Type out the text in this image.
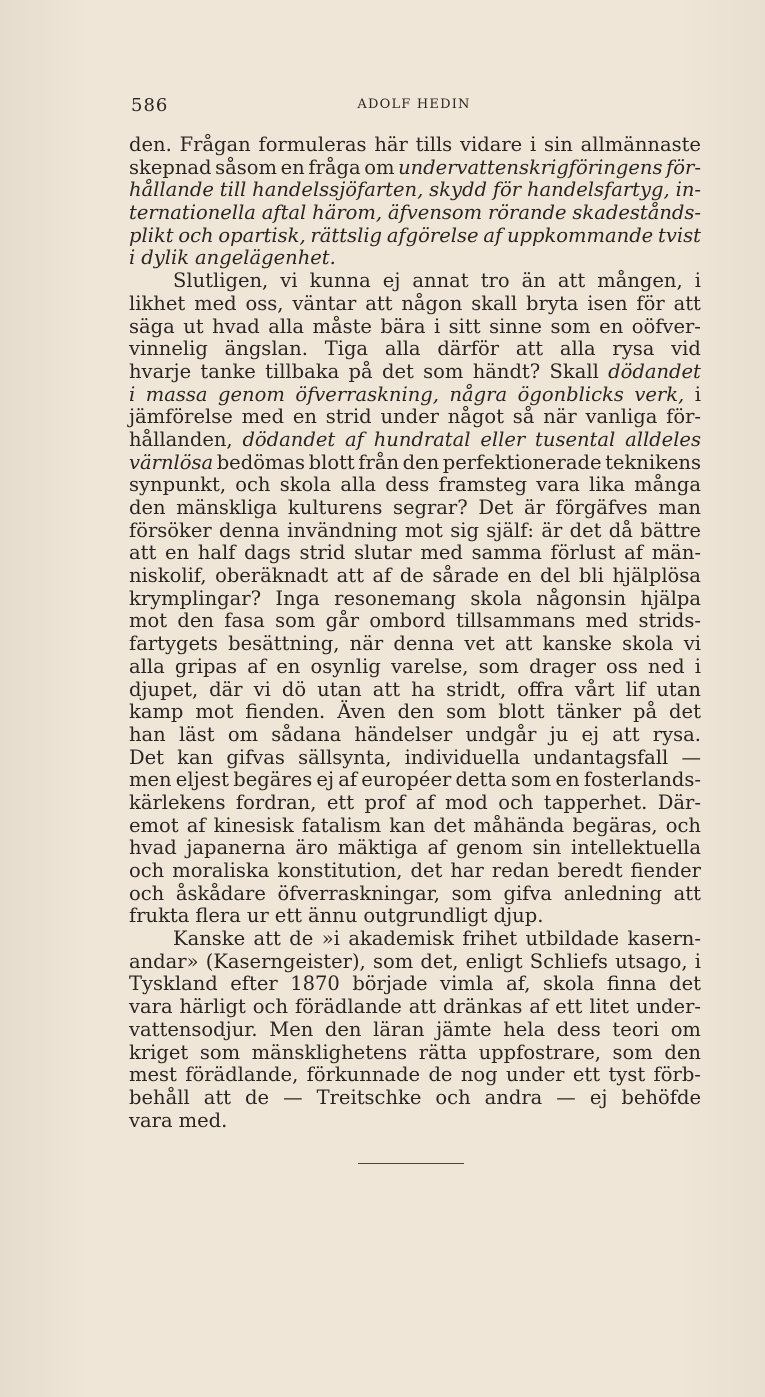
586	ADOLF HEDIN
den. Frågan formuleras här tills vidare i sin allmännaste
skepnad såsom en fråga om undervattenskrigföringens för-
hållande till handelssjöfarten, skydd för handelsfartyg, in-
ternationella aftal härom, äfvensom rörande skadestånds-
plikt och opartisk, rättslig afgörelse af uppkommande tvist
i dylik angelägenhet.
Slutligen, vi kunna ej annat tro än att mången, i
likhet med oss, väntar att någon skall bryta isen för att
säga ut hvad alla måste bära i sitt sinne som en oöfver-
vinnelig ängslan. Tiga alla därför att alla rysa vid
hvarje tanke tillbaka på det som händt? Skall dödandet
i massa genom öfverraskning, några ögonblicks verk, i
jämförelse med en strid under något så när vanliga för-
hållanden, dödandet af hundratal eller tusental alldeles
värnlösa bedömas blott från den perfektionerade teknikens
synpunkt, och skola alla dess framsteg vara lika många
den mänskliga kulturens segrar? Det är förgäfves man
försöker denna invändning mot sig själf: är det då bättre
att en half dags strid slutar med samma förlust af män-
niskolif, oberäknadt att af de sårade en del bli hjälplösa
krymplingar? Inga resonemang skola någonsin hjälpa
mot den fasa som går ombord tillsammans med strids-
fartygets besättning, när denna vet att kanske skola vi
alla gripas af en osynlig varelse, som drager oss ned i
djupet, där vi dö utan att ha stridt, offra vårt lif utan
kamp mot fienden. Även den som blott tänker på det
han läst om sådana händelser undgår ju ej att rysa.
Det kan gifvas sällsynta, individuella undantagsfall —
men eljest begäres ej af européer detta som en fosterlands-
kärlekens fordran, ett prof af mod och tapperhet. Där-
emot af kinesisk fatalism kan det måhända begäras, och
hvad japanerna äro mäktiga af genom sin intellektuella
och moraliska konstitution, det har redan beredt fiender
och åskådare öfverraskningar, som gifva anledning att
frukta flera ur ett ännu outgrundligt djup.
Kanske att de »i akademisk frihet utbildade kasern-
andar» (Kaserngeister), som det, enligt Schliefs utsago, i
Tyskland efter 1870 började vimla af, skola finna det
vara härligt och förädlande att dränkas af ett litet under-
vattensodjur. Men den läran jämte hela dess teori om
kriget som mänsklighetens rätta uppfostrare, som den
mest förädlande, förkunnade de nog under ett tyst förb-
behåll att de — Treitschke och andra — ej behöfde
vara med.
